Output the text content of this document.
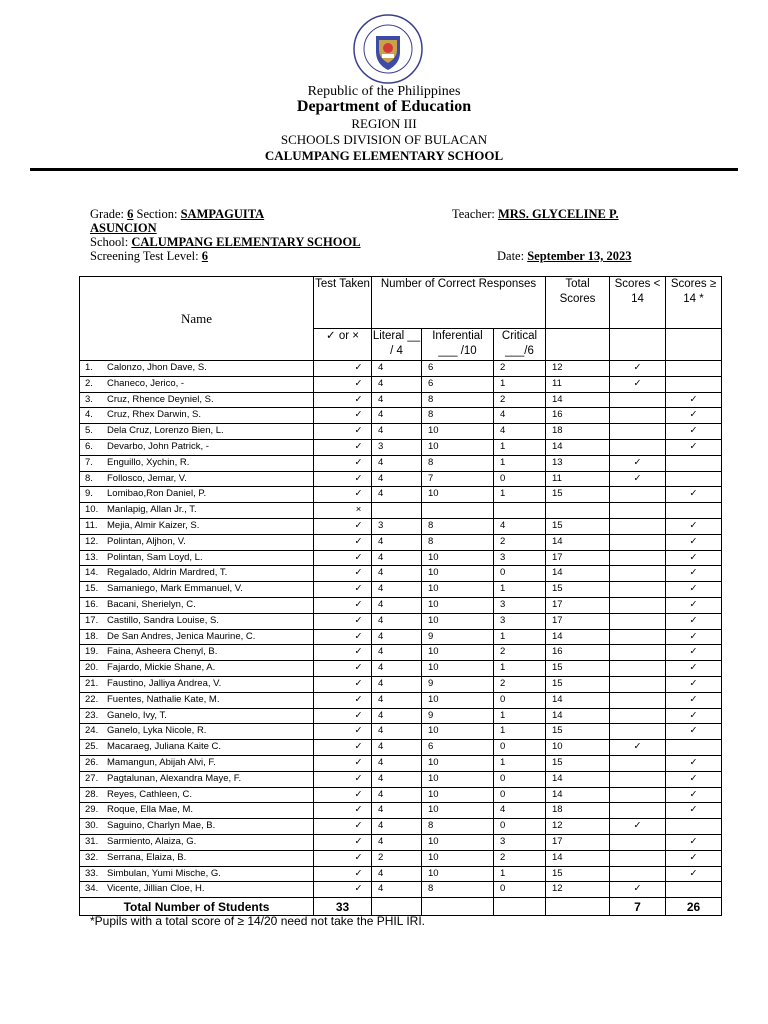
Republic of the Philippines
Department of Education
REGION III
SCHOOLS DIVISION OF BULACAN
CALUMPANG ELEMENTARY SCHOOL
Grade: 6 Section: SAMPAGUITA	Teacher: MRS. GLYCELINE P.
ASUNCION
School: CALUMPANG ELEMENTARY SCHOOL
Screening Test Level: 6	Date: September 13, 2023
Name	Test Taken	Number of Correct Responses			Total Scores	Scores < 14	Scores ≥ 14 *
	✓ or ×	Literal __ / 4	Inferential ___ /10	Critical ___/6			
1. Calonzo, Jhon Dave, S.	✓	4	6	2	12	✓	
2. Chaneco, Jerico, -	✓	4	6	1	11	✓	
3. Cruz, Rhence Deyniel, S.	✓	4	8	2	14		✓
4. Cruz, Rhex Darwin, S.	✓	4	8	4	16		✓
5. Dela Cruz, Lorenzo Bien, L.	✓	4	10	4	18		✓
6. Devarbo, John Patrick, -	✓	3	10	1	14		✓
7. Enguillo, Xychin, R.	✓	4	8	1	13	✓	
8. Follosco, Jemar, V.	✓	4	7	0	11	✓	
9. Lomibao,Ron Daniel, P.	✓	4	10	1	15		✓
10. Manlapig, Allan Jr., T.	×						
11. Mejia, Almir Kaizer, S.	✓	3	8	4	15		✓
12. Polintan, Aljhon, V.	✓	4	8	2	14		✓
13. Polintan, Sam Loyd, L.	✓	4	10	3	17		✓
14. Regalado, Aldrin Mardred, T.	✓	4	10	0	14		✓
15. Samaniego, Mark Emmanuel, V.	✓	4	10	1	15		✓
16. Bacani, Sherielyn, C.	✓	4	10	3	17		✓
17. Castillo, Sandra Louise, S.	✓	4	10	3	17		✓
18. De San Andres, Jenica Maurine, C.	✓	4	9	1	14		✓
19. Faina, Asheera Chenyl, B.	✓	4	10	2	16		✓
20. Fajardo, Mickie Shane, A.	✓	4	10	1	15		✓
21. Faustino, Jalliya Andrea, V.	✓	4	9	2	15		✓
22. Fuentes, Nathalie Kate, M.	✓	4	10	0	14		✓
23. Ganelo, Ivy, T.	✓	4	9	1	14		✓
24. Ganelo, Lyka Nicole, R.	✓	4	10	1	15		✓
25. Macaraeg, Juliana Kaite C.	✓	4	6	0	10	✓	
26. Mamangun, Abijah Alvi, F.	✓	4	10	1	15		✓
27. Pagtalunan, Alexandra Maye, F.	✓	4	10	0	14		✓
28. Reyes, Cathleen, C.	✓	4	10	0	14		✓
29. Roque, Ella Mae, M.	✓	4	10	4	18		✓
30. Saguino, Charlyn Mae, B.	✓	4	8	0	12	✓	
31. Sarmiento, Alaiza, G.	✓	4	10	3	17		✓
32. Serrana, Elaiza, B.	✓	2	10	2	14		✓
33. Simbulan, Yumi Mische, G.	✓	4	10	1	15		✓
34. Vicente, Jillian Cloe, H.	✓	4	8	0	12	✓	
Total Number of Students	33					7	26
*Pupils with a total score of ≥ 14/20 need not take the PHIL IRI.
